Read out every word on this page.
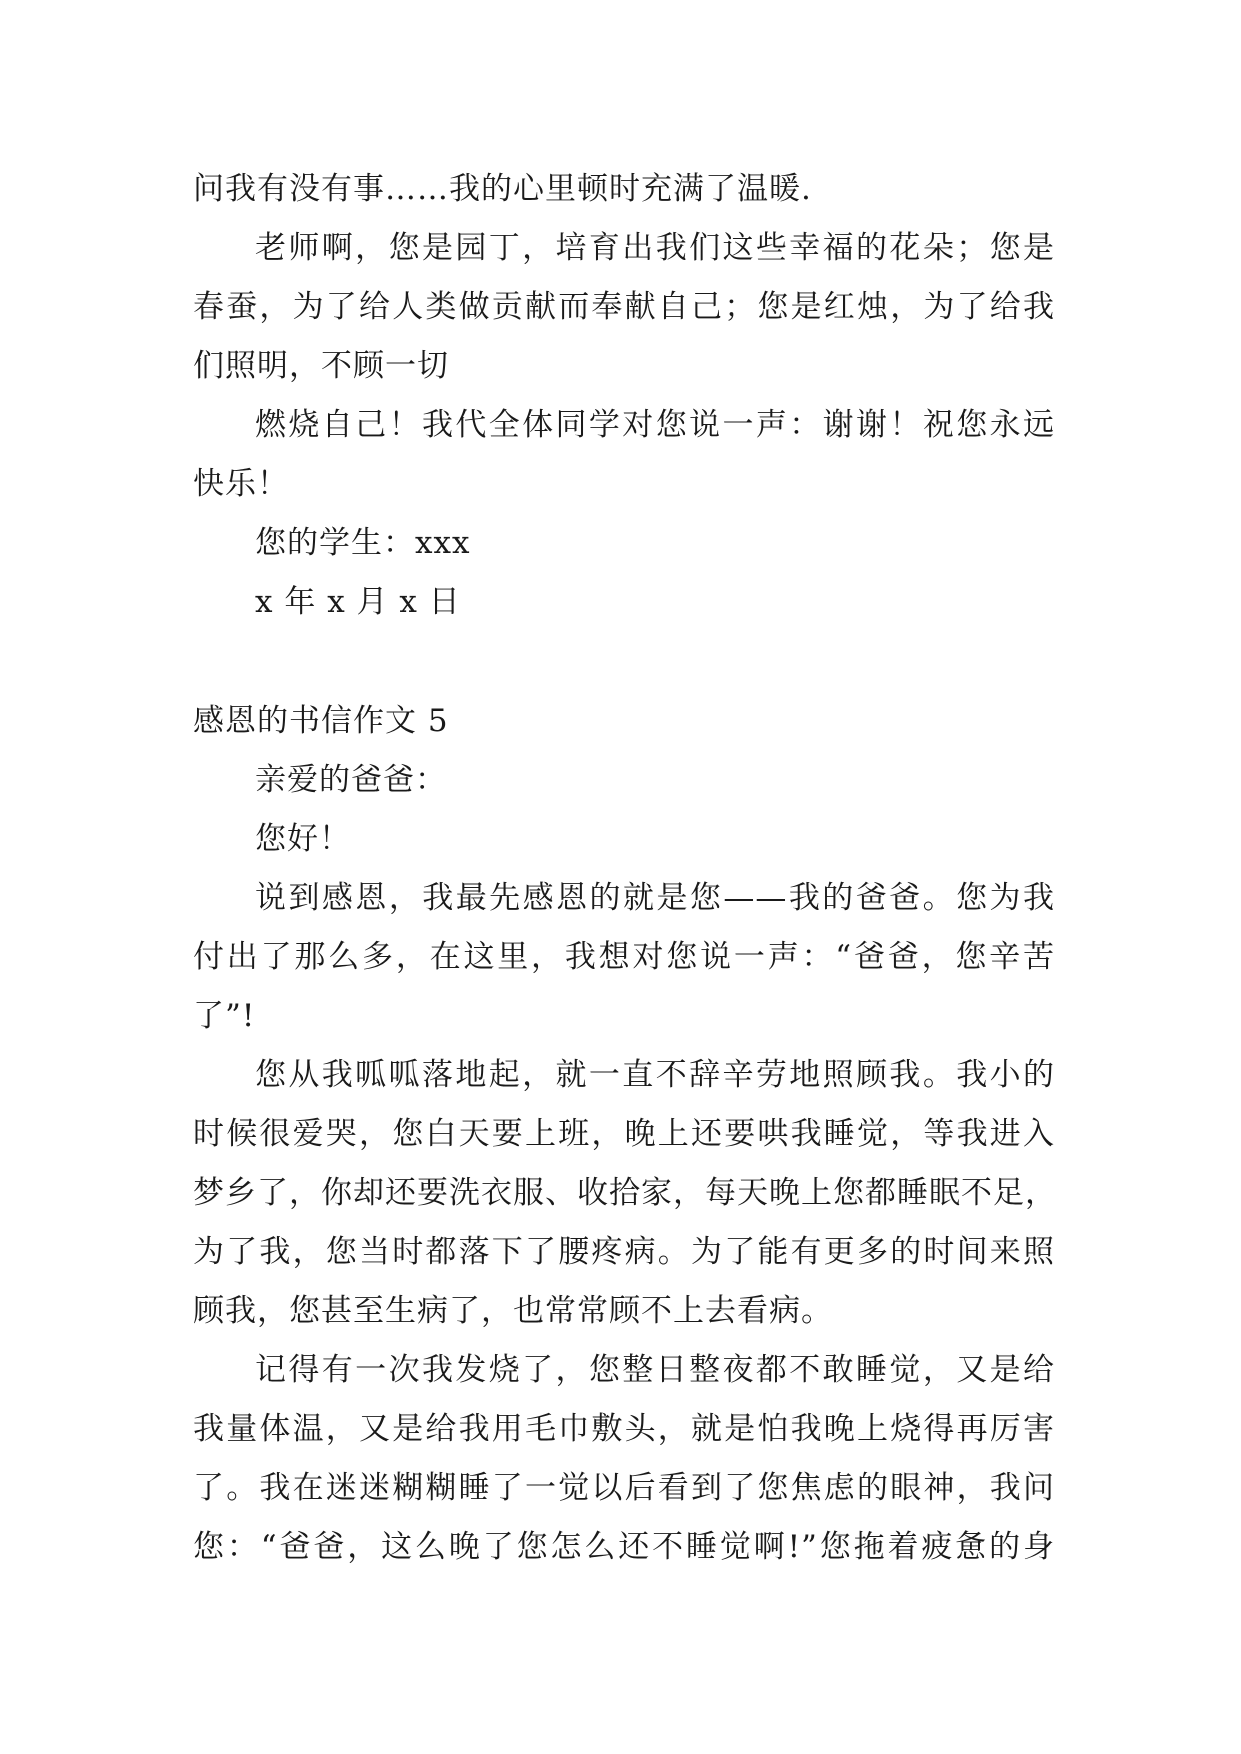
问我有没有事……我的心里顿时充满了温暖.
老师啊，您是园丁，培育出我们这些幸福的花朵；您是
春蚕，为了给人类做贡献而奉献自己；您是红烛，为了给我
们照明，不顾一切
燃烧自己！我代全体同学对您说一声：谢谢！祝您永远
快乐！
您的学生：xxx
x 年 x 月 x 日
感恩的书信作文 5
亲爱的爸爸：
您好！
说到感恩，我最先感恩的就是您——我的爸爸。您为我
付出了那么多，在这里，我想对您说一声：“爸爸，您辛苦
了”!
您从我呱呱落地起，就一直不辞辛劳地照顾我。我小的
时候很爱哭，您白天要上班，晚上还要哄我睡觉，等我进入
梦乡了，你却还要洗衣服、收拾家，每天晚上您都睡眠不足，
为了我，您当时都落下了腰疼病。为了能有更多的时间来照
顾我，您甚至生病了，也常常顾不上去看病。
记得有一次我发烧了，您整日整夜都不敢睡觉，又是给
我量体温，又是给我用毛巾敷头，就是怕我晚上烧得再厉害
了。我在迷迷糊糊睡了一觉以后看到了您焦虑的眼神，我问
您：“爸爸，这么晚了您怎么还不睡觉啊!”您拖着疲惫的身
